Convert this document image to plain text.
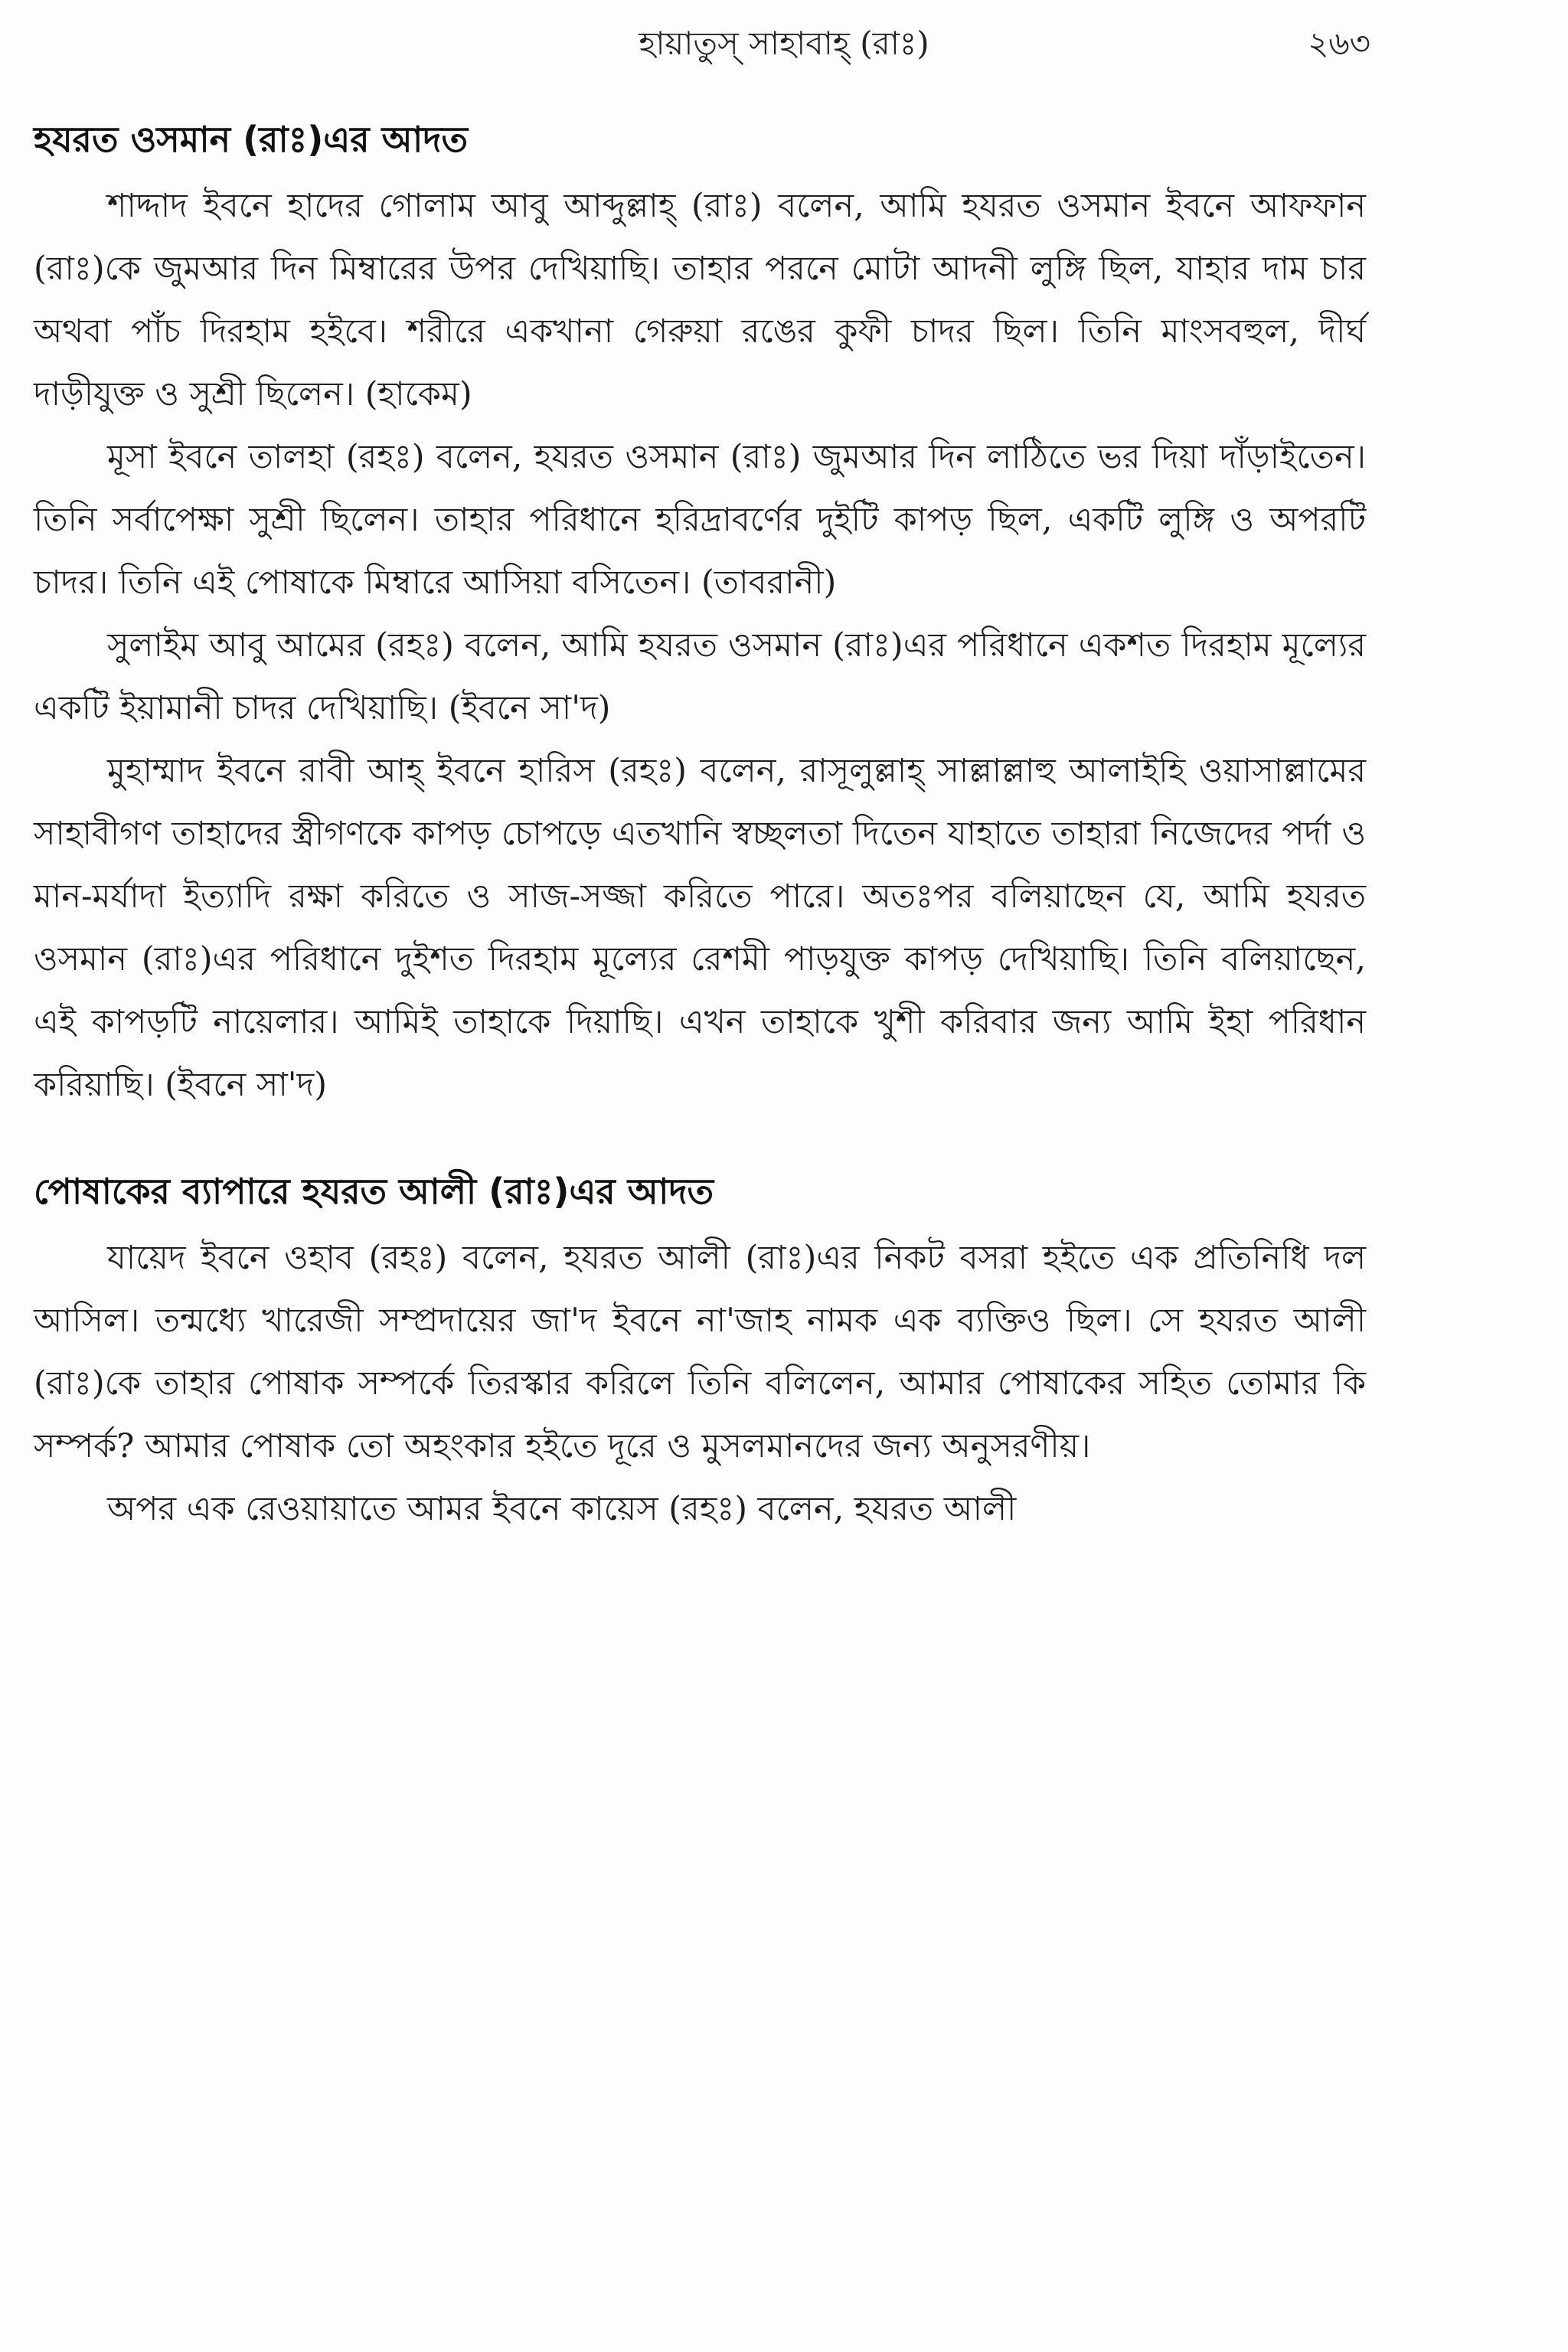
হায়াতুস্ সাহাবাহ্ (রাঃ)	২৬৩
হযরত ওসমান (রাঃ)এর আদত

শাদ্দাদ ইবনে হাদের গোলাম আবু আব্দুল্লাহ্ (রাঃ) বলেন, আমি হযরত ওসমান ইবনে আফফান (রাঃ)কে জুমআর দিন মিম্বারের উপর দেখিয়াছি। তাহার পরনে মোটা আদনী লুঙ্গি ছিল, যাহার দাম চার অথবা পাঁচ দিরহাম হইবে। শরীরে একখানা গেরুয়া রঙের কুফী চাদর ছিল। তিনি মাংসবহুল, দীর্ঘ দাড়ীযুক্ত ও সুশ্রী ছিলেন। (হাকেম)

মূসা ইবনে তালহা (রহঃ) বলেন, হযরত ওসমান (রাঃ) জুমআর দিন লাঠিতে ভর দিয়া দাঁড়াইতেন। তিনি সর্বাপেক্ষা সুশ্রী ছিলেন। তাহার পরিধানে হরিদ্রাবর্ণের দুইটি কাপড় ছিল, একটি লুঙ্গি ও অপরটি চাদর। তিনি এই পোষাকে মিম্বারে আসিয়া বসিতেন। (তাবরানী)

সুলাইম আবু আমের (রহঃ) বলেন, আমি হযরত ওসমান (রাঃ)এর পরিধানে একশত দিরহাম মূল্যের একটি ইয়ামানী চাদর দেখিয়াছি। (ইবনে সা'দ)

মুহাম্মাদ ইবনে রাবী আহ্ ইবনে হারিস (রহঃ) বলেন, রাসূলুল্লাহ্ সাল্লাল্লাহু আলাইহি ওয়াসাল্লামের সাহাবীগণ তাহাদের স্ত্রীগণকে কাপড় চোপড়ে এতখানি স্বচ্ছলতা দিতেন যাহাতে তাহারা নিজেদের পর্দা ও মান-মর্যাদা ইত্যাদি রক্ষা করিতে ও সাজ-সজ্জা করিতে পারে। অতঃপর বলিয়াছেন যে, আমি হযরত ওসমান (রাঃ)এর পরিধানে দুইশত দিরহাম মূল্যের রেশমী পাড়যুক্ত কাপড় দেখিয়াছি। তিনি বলিয়াছেন, এই কাপড়টি নায়েলার। আমিই তাহাকে দিয়াছি। এখন তাহাকে খুশী করিবার জন্য আমি ইহা পরিধান করিয়াছি। (ইবনে সা'দ)

পোষাকের ব্যাপারে হযরত আলী (রাঃ)এর আদত

যায়েদ ইবনে ওহাব (রহঃ) বলেন, হযরত আলী (রাঃ)এর নিকট বসরা হইতে এক প্রতিনিধি দল আসিল। তন্মধ্যে খারেজী সম্প্রদায়ের জা'দ ইবনে না'জাহ নামক এক ব্যক্তিও ছিল। সে হযরত আলী (রাঃ)কে তাহার পোষাক সম্পর্কে তিরস্কার করিলে তিনি বলিলেন, আমার পোষাকের সহিত তোমার কি সম্পর্ক? আমার পোষাক তো অহংকার হইতে দূরে ও মুসলমানদের জন্য অনুসরণীয়।

অপর এক রেওয়ায়াতে আমর ইবনে কায়েস (রহঃ) বলেন, হযরত আলী
